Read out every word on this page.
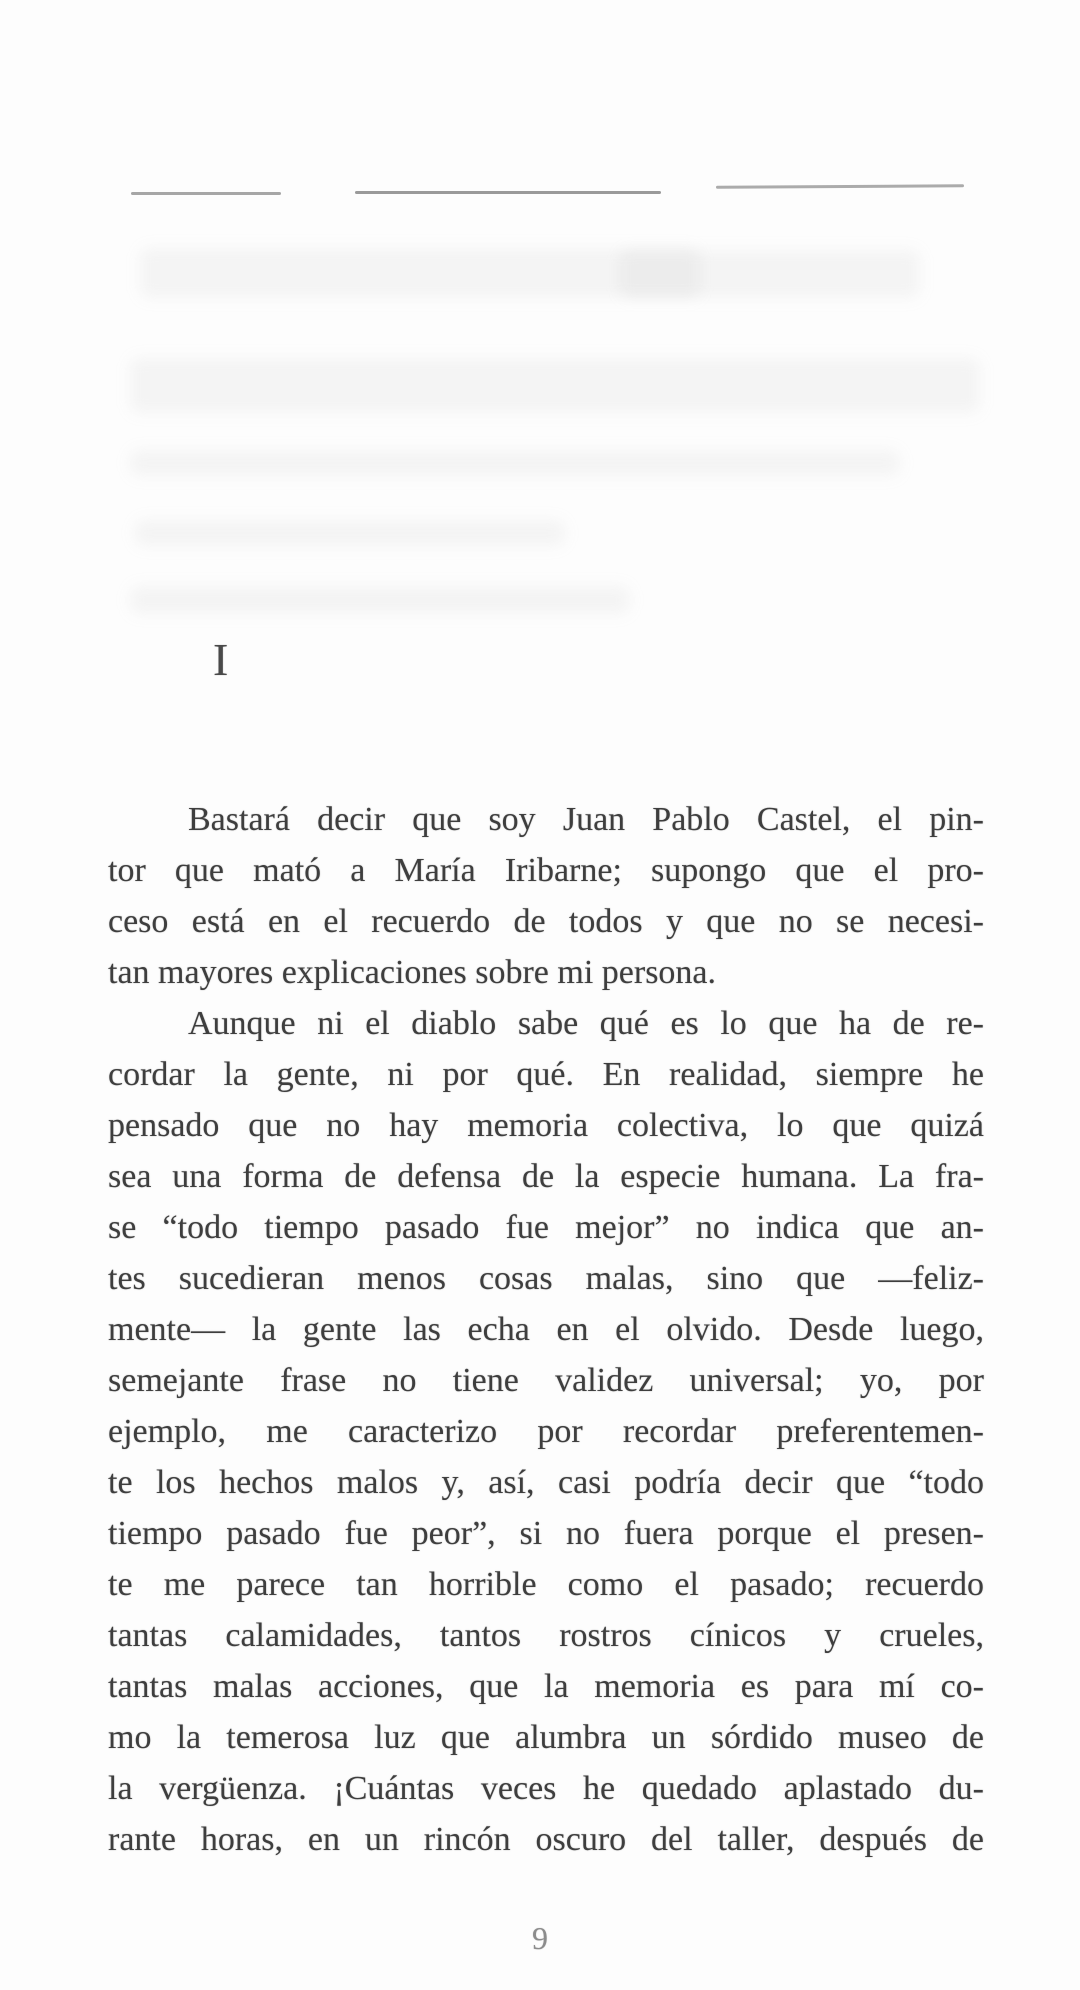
I
Bastará decir que soy Juan Pablo Castel, el pin-
tor que mató a María Iribarne; supongo que el pro-
ceso está en el recuerdo de todos y que no se necesi-
tan mayores explicaciones sobre mi persona.
Aunque ni el diablo sabe qué es lo que ha de re-
cordar la gente, ni por qué. En realidad, siempre he
pensado que no hay memoria colectiva, lo que quizá
sea una forma de defensa de la especie humana. La fra-
se “todo tiempo pasado fue mejor” no indica que an-
tes sucedieran menos cosas malas, sino que —feliz-
mente— la gente las echa en el olvido. Desde luego,
semejante frase no tiene validez universal; yo, por
ejemplo, me caracterizo por recordar preferentemen-
te los hechos malos y, así, casi podría decir que “todo
tiempo pasado fue peor”, si no fuera porque el presen-
te me parece tan horrible como el pasado; recuerdo
tantas calamidades, tantos rostros cínicos y crueles,
tantas malas acciones, que la memoria es para mí co-
mo la temerosa luz que alumbra un sórdido museo de
la vergüenza. ¡Cuántas veces he quedado aplastado du-
rante horas, en un rincón oscuro del taller, después de
9
